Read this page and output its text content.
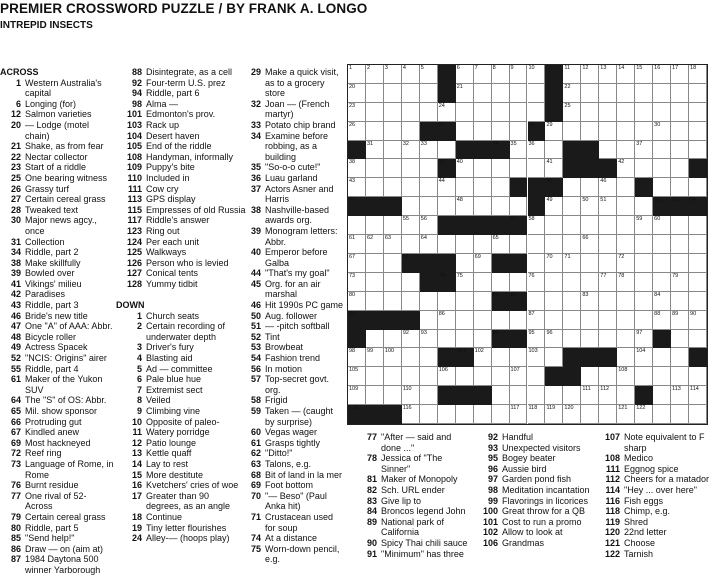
PREMIER CROSSWORD PUZZLE / BY FRANK A. LONGO
INTREPID INSECTS
ACROSS
1 Western Australia's capital
6 Longing (for)
12 Salmon varieties
20 — Lodge (motel chain)
21 Shake, as from fear
22 Nectar collector
23 Start of a riddle
25 One bearing witness
26 Grassy turf
27 Certain cereal grass
28 Tweaked text
30 Major news agcy., once
31 Collection
34 Riddle, part 2
38 Make skillfully
39 Bowled over
41 Vikings' milieu
42 Paradises
43 Riddle, part 3
46 Bride's new title
47 One "A" of AAA: Abbr.
48 Bicycle roller
49 Actress Spacek
52 "NCIS: Origins" airer
55 Riddle, part 4
61 Maker of the Yukon SUV
64 The "S" of OS: Abbr.
65 Mil. show sponsor
66 Protruding gut
67 Kindled anew
69 Most hackneyed
72 Reef ring
73 Language of Rome, in Rome
76 Burnt residue
77 One rival of 52-Across
79 Certain cereal grass
80 Riddle, part 5
85 "Send help!"
86 Draw — on (aim at)
87 1984 Daytona 500 winner Yarborough
88 Disintegrate, as a cell
92 Four-term U.S. prez
94 Riddle, part 6
98 Alma —
101 Edmonton's prov.
103 Rack up
104 Desert haven
105 End of the riddle
108 Handyman, informally
109 Puppy's bite
110 Included in
111 Cow cry
113 GPS display
115 Empresses of old Russia
117 Riddle's answer
123 Ring out
124 Per each unit
125 Walkways
126 Person who is levied
127 Conical tents
128 Yummy tidbit
DOWN
1 Church seats
2 Certain recording of underwater depth
3 Driver's fury
4 Blasting aid
5 Ad — committee
6 Pale blue hue
7 Extremist sect
8 Veiled
9 Climbing vine
10 Opposite of paleo-
11 Watery porridge
12 Patio lounge
13 Kettle quaff
14 Lay to rest
15 More destitute
16 Kvetchers' cries of woe
17 Greater than 90 degrees, as an angle
18 Continue
19 Tiny letter flourishes
24 Alley-— (hoops play)
29 Make a quick visit, as to a grocery store
32 Joan — (French martyr)
33 Potato chip brand
34 Examine before robbing, as a building
35 "So-o-o cute!"
36 Luau garland
37 Actors Asner and Harris
38 Nashville-based awards org.
39 Monogram letters: Abbr.
40 Emperor before Galba
44 "That's my goal"
45 Org. for an air marshal
46 Hit 1990s PC game
50 Aug. follower
51 — -pitch softball
52 Tint
53 Browbeat
54 Fashion trend
56 In motion
57 Top-secret govt. org.
58 Frigid
59 Taken — (caught by surprise)
60 Vegas wager
61 Grasps tightly
62 "Ditto!"
63 Talons, e.g.
68 Bit of land in la mer
69 Foot bottom
70 "— Beso" (Paul Anka hit)
71 Crustacean used for soup
74 At a distance
75 Worn-down pencil, e.g.
77 "After — said and done ..."
78 Jessica of "The Sinner"
81 Maker of Monopoly
82 Sch. URL ender
83 Give lip to
84 Broncos legend John
89 National park of California
90 Spicy Thai chili sauce
91 "Minimum" has three
92 Handful
93 Unexpected visitors
95 Bogey beater
96 Aussie bird
97 Garden pond fish
98 Meditation incantation
99 Flavorings in licorices
100 Great throw for a QB
101 Cost to run a promo
102 Allow to look at
106 Grandmas
107 Note equivalent to F sharp
108 Medico
111 Eggnog spice
112 Cheers for a matador
114 "Hey ... over here"
116 Fish eggs
118 Chimp, e.g.
119 Shred
120 22nd letter
121 Choose
122 Tarnish
1	2	3	4	5	6	7	8	9	10	11 12 13 14 15 16 17 18
20	21	22
23	24	25
26	27	28 29	30
31	32 33	34 35 36	37
38	39 40	41	42
43	44	45	46
47	48	49	50 51	52 53 54
55 56	57 58	59 60
61 62 63	64	65	66
67	68	69	70 71	72
73	74 75	76	77 78	79
80	81 82	83	84
85	86	87	88 89 90
92 93	94	95 96	97
98 99 100	101 102	103	104
105	106	107	108
109	110	111 112	113 114
115	116	117 118 119 120	121 122
